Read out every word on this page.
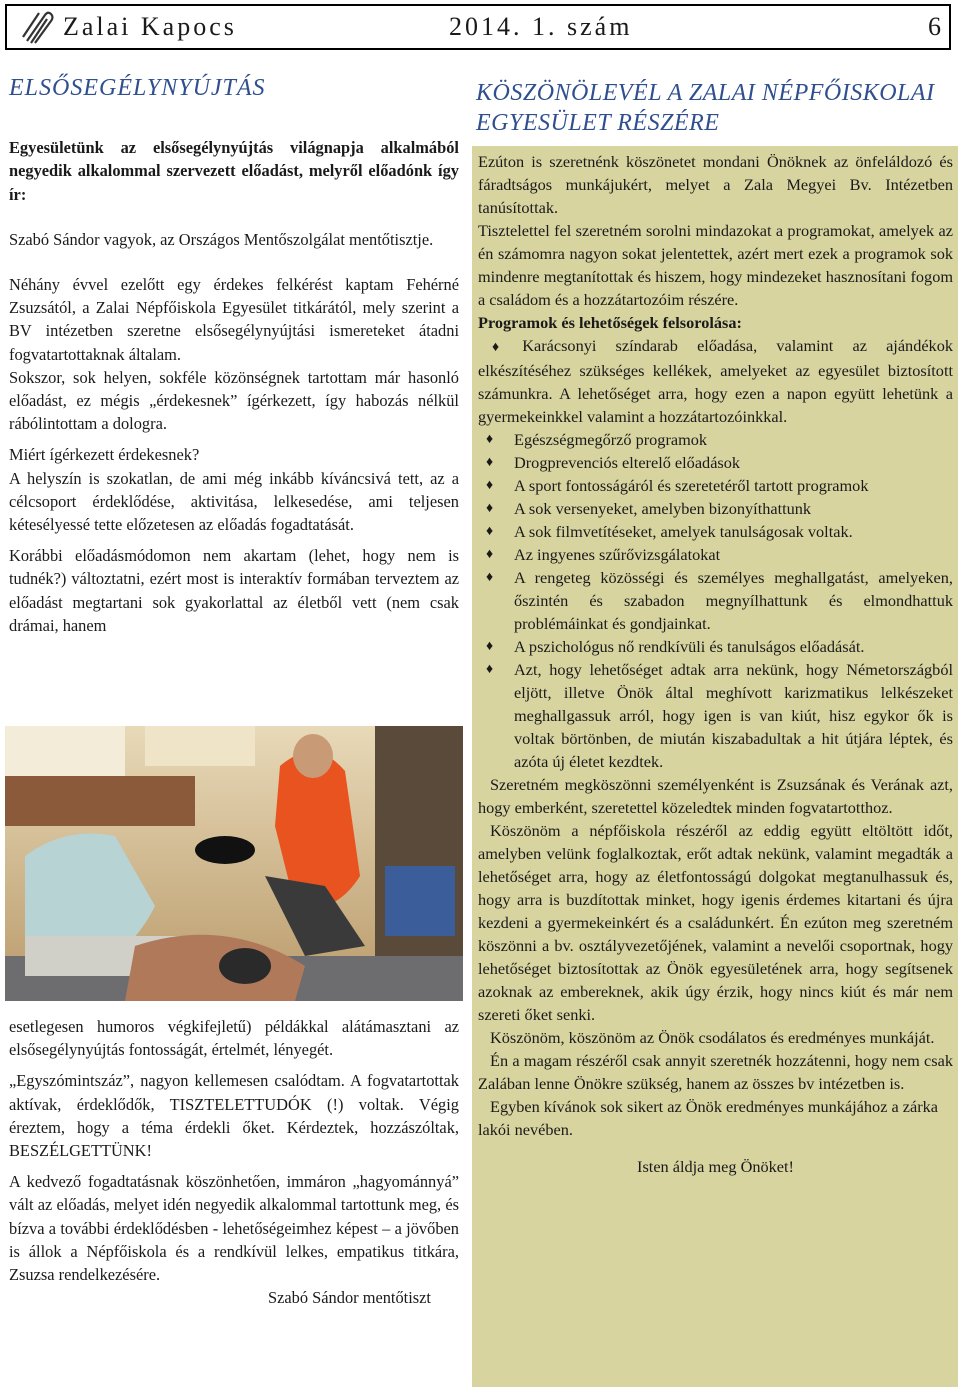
Zalai Kapocs	2014. 1. szám	6
ELSŐSEGÉLYNYÚJTÁS

Egyesületünk az elsősegélynyújtás világnapja alkalmából negyedik alkalommal szervezett előadást, melyről előadónk így ír:

Szabó Sándor vagyok, az Országos Mentőszolgálat mentőtisztje.

Néhány évvel ezelőtt egy érdekes felkérést kaptam Fehérné Zsuzsától, a Zalai Népfőiskola Egyesület titkárától, mely szerint a BV intézetben szeretne elsősegélynyújtási ismereteket átadni fogvatartottaknak általam.

Sokszor, sok helyen, sokféle közönségnek tartottam már hasonló előadást, ez mégis „érdekesnek” ígérkezett, így habozás nélkül rábólintottam a dologra.

Miért ígérkezett érdekesnek?

A helyszín is szokatlan, de ami még inkább kíváncsivá tett, az a célcsoport érdeklődése, aktivitása, lelkesedése, ami teljesen kétesélyessé tette előzetesen az előadás fogadtatását.

Korábbi előadásmódomon nem akartam (lehet, hogy nem is tudnék?) változtatni, ezért most is interaktív formában terveztem az előadást megtartani sok gyakorlattal az életből vett (nem csak drámai, hanem

esetlegesen humoros végkifejletű) példákkal alátámasztani az elsősegélynyújtás fontosságát, értelmét, lényegét.

„Egyszómintszáz”, nagyon kellemesen csalódtam. A fogvatartottak aktívak, érdeklődők, TISZTELETTUDÓK (!) voltak. Végig éreztem, hogy a téma érdekli őket. Kérdeztek, hozzászóltak, BESZÉLGETTÜNK!

A kedvező fogadtatásnak köszönhetően, immáron „hagyománnyá” vált az előadás, melyet idén negyedik alkalommal tartottunk meg, és bízva a további érdeklődésben - lehetőségeimhez képest – a jövőben is állok a Népfőiskola és a rendkívül lelkes, empatikus titkára, Zsuzsa rendelkezésére.

Szabó Sándor mentőtiszt

KÖSZÖNÖLEVÉL A ZALAI NÉPFŐISKOLAI EGYESÜLET RÉSZÉRE

Ezúton is szeretnénk köszönetet mondani Önöknek az önfeláldozó és fáradtságos munkájukért, melyet a Zala Megyei Bv. Intézetben tanúsítottak.

Tisztelettel fel szeretném sorolni mindazokat a programokat, amelyek az én számomra nagyon sokat jelentettek, azért mert ezek a programok sok mindenre megtanítottak és hiszem, hogy mindezeket hasznosítani fogom a családom és a hozzátartozóim részére.

Programok és lehetőségek felsorolása:

♦ Karácsonyi színdarab előadása, valamint az ajándékok elkészítéséhez szükséges kellékek, amelyeket az egyesület biztosított számunkra. A lehetőséget arra, hogy ezen a napon együtt lehetünk a gyermekeinkkel valamint a hozzátartozóinkkal.

♦	Egészségmegőrző programok
♦	Drogprevenciós elterelő előadások
♦	A sport fontosságáról és szeretetéről tartott programok
♦	A sok versenyeket, amelyben bizonyíthattunk
♦	A sok filmvetítéseket, amelyek tanulságosak voltak.
♦	Az ingyenes szűrővizsgálatokat
♦	A rengeteg közösségi és személyes meghallgatást, amelyeken, őszintén és szabadon megnyílhattunk és elmondhattuk problémáinkat és gondjainkat.
♦	A pszichológus nő rendkívüli és tanulságos előadását.
♦	Azt, hogy lehetőséget adtak arra nekünk, hogy Németországból eljött, illetve Önök által meghívott karizmatikus lelkészeket meghallgassuk arról, hogy igen is van kiút, hisz egykor ők is voltak börtönben, de miután kiszabadultak a hit útjára léptek, és azóta új életet kezdtek.

Szeretném megköszönni személyenként is Zsuzsának és Verának azt, hogy emberként, szeretettel közeledtek minden fogvatartotthoz.

Köszönöm a népfőiskola részéről az eddig együtt eltöltött időt, amelyben velünk foglalkoztak, erőt adtak nekünk, valamint megadták a lehetőséget arra, hogy az életfontosságú dolgokat megtanulhassuk és, hogy arra is buzdítottak minket, hogy igenis érdemes kitartani és újra kezdeni a gyermekeinkért és a családunkért. Én ezúton meg szeretném köszönni a bv. osztályvezetőjének, valamint a nevelői csoportnak, hogy lehetőséget biztosítottak az Önök egyesületének arra, hogy segítsenek azoknak az embereknek, akik úgy érzik, hogy nincs kiút és már nem szereti őket senki.

Köszönöm, köszönöm az Önök csodálatos és eredményes munkáját.

Én a magam részéről csak annyit szeretnék hozzátenni, hogy nem csak Zalában lenne Önökre szükség, hanem az összes bv intézetben is.

Egyben kívánok sok sikert az Önök eredményes munkájához a zárka lakói nevében.

Isten áldja meg Önöket!
